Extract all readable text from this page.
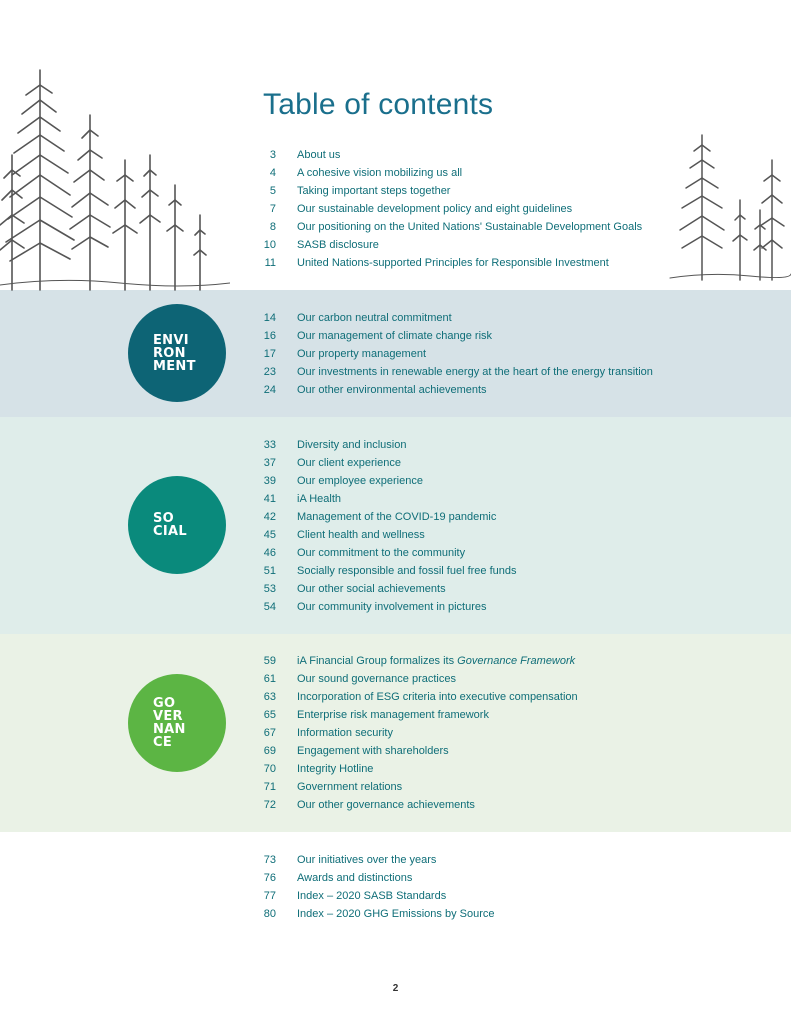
Table of contents
3 About us
4 A cohesive vision mobilizing us all
5 Taking important steps together
7 Our sustainable development policy and eight guidelines
8 Our positioning on the United Nations' Sustainable Development Goals
10 SASB disclosure
11 United Nations-supported Principles for Responsible Investment
ENVI
RON
MENT
14 Our carbon neutral commitment
16 Our management of climate change risk
17 Our property management
23 Our investments in renewable energy at the heart of the energy transition
24 Our other environmental achievements
SO
CIAL
33 Diversity and inclusion
37 Our client experience
39 Our employee experience
41 iA Health
42 Management of the COVID-19 pandemic
45 Client health and wellness
46 Our commitment to the community
51 Socially responsible and fossil fuel free funds
53 Our other social achievements
54 Our community involvement in pictures
GO
VER
NAN
CE
59 iA Financial Group formalizes its Governance Framework
61 Our sound governance practices
63 Incorporation of ESG criteria into executive compensation
65 Enterprise risk management framework
67 Information security
69 Engagement with shareholders
70 Integrity Hotline
71 Government relations
72 Our other governance achievements
73 Our initiatives over the years
76 Awards and distinctions
77 Index – 2020 SASB Standards
80 Index – 2020 GHG Emissions by Source
2
